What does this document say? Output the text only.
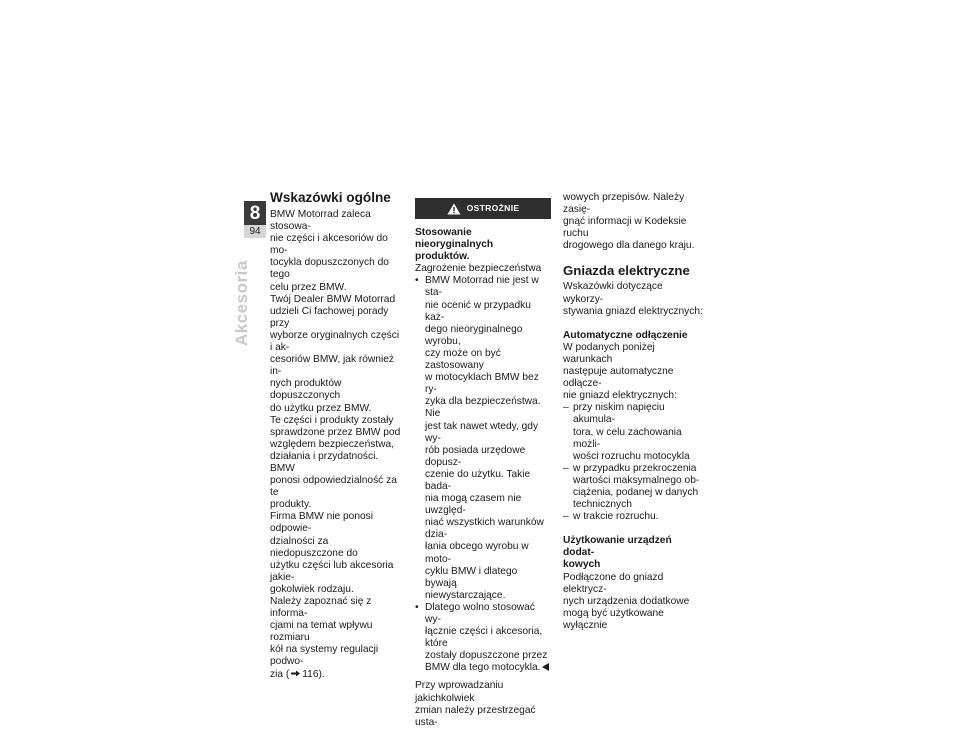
8
94
Akcesoria
Wskazówki ogólne

BMW Motorrad zaleca stosowa-

nie części i akcesoriów do mo-

tocykla dopuszczonych do tego

celu przez BMW.

Twój Dealer BMW Motorrad

udzieli Ci fachowej porady przy

wyborze oryginalnych części i ak-

cesoriów BMW, jak również in-

nych produktów dopuszczonych

do użytku przez BMW.

Te części i produkty zostały

sprawdzone przez BMW pod

względem bezpieczeństwa,

działania i przydatności. BMW

ponosi odpowiedzialność za te

produkty.

Firma BMW nie ponosi odpowie-

dzialności za niedopuszczone do

użytku części lub akcesoria jakie-

gokolwiek rodzaju.

Należy zapoznać się z informa-

cjami na temat wpływu rozmiaru

kół na systemy regulacji podwo-

zia ( 116).

OSTROŻNIE
Stosowanie nieoryginalnych
produktów.

Zagrożenie bezpieczeństwa

• BMW Motorrad nie jest w sta-

nie ocenić w przypadku każ-

dego nieoryginalnego wyrobu,

czy może on być zastosowany

w motocyklach BMW bez ry-

zyka dla bezpieczeństwa. Nie

jest tak nawet wtedy, gdy wy-

rób posiada urzędowe dopusz-

czenie do użytku. Takie bada-

nia mogą czasem nie uwzględ-

niać wszystkich warunków dzia-

łania obcego wyrobu w moto-

cyklu BMW i dlatego bywają

niewystarczające.

• Dlatego wolno stosować wy-

łącznie części i akcesoria, które

zostały dopuszczone przez

BMW dla tego motocykla.

Przy wprowadzaniu jakichkolwiek

zmian należy przestrzegać usta-

wowych przepisów. Należy zasię-

gnąć informacji w Kodeksie ruchu

drogowego dla danego kraju.

Gniazda elektryczne

Wskazówki dotyczące wykorzy-

stywania gniazd elektrycznych:

Automatyczne odłączenie

W podanych poniżej warunkach

następuje automatyczne odłącze-

nie gniazd elektrycznych:

– przy niskim napięciu akumula-
tora, w celu zachowania możli-
wości rozruchu motocykla
– w przypadku przekroczenia
wartości maksymalnego ob-
ciążenia, podanej w danych
technicznych
– w trakcie rozruchu.
Użytkowanie urządzeń dodat-
kowych

Podłączone do gniazd elektrycz-

nych urządzenia dodatkowe

mogą być użytkowane wyłącznie
